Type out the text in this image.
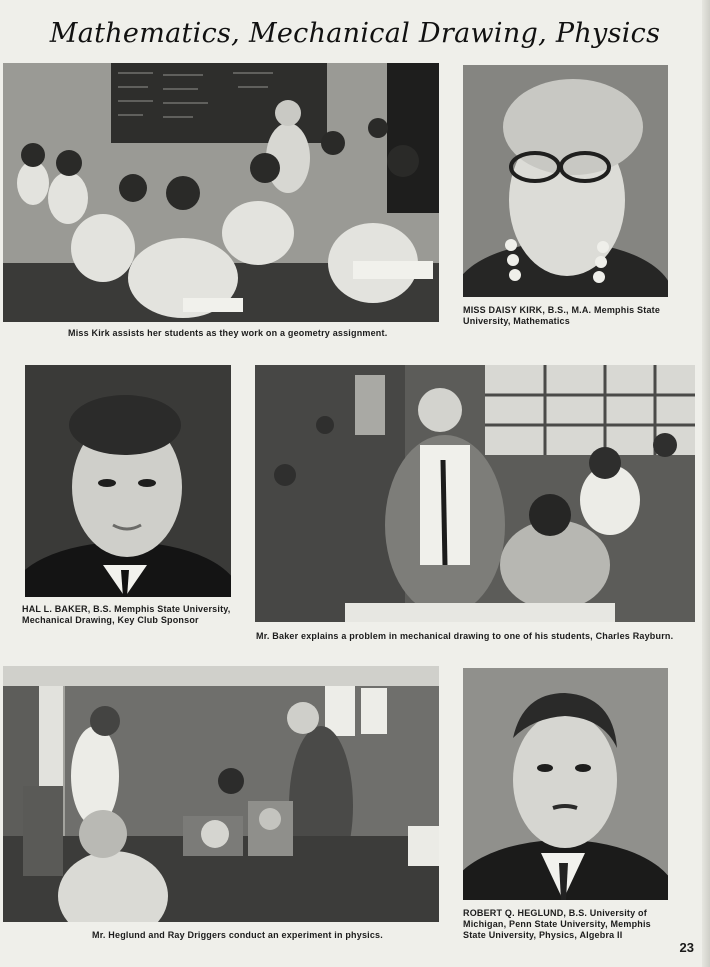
Mathematics, Mechanical Drawing, Physics
Miss Kirk assists her students as they work on a geometry assignment.
MISS DAISY KIRK, B.S., M.A. Memphis State University, Mathematics
HAL L. BAKER, B.S. Memphis State University, Mechanical Drawing, Key Club Sponsor
Mr. Baker explains a problem in mechanical drawing to one of his students, Charles Rayburn.
Mr. Heglund and Ray Driggers conduct an experiment in physics.
ROBERT Q. HEGLUND, B.S. University of Michigan, Penn State University, Memphis State University, Physics, Algebra II
23
